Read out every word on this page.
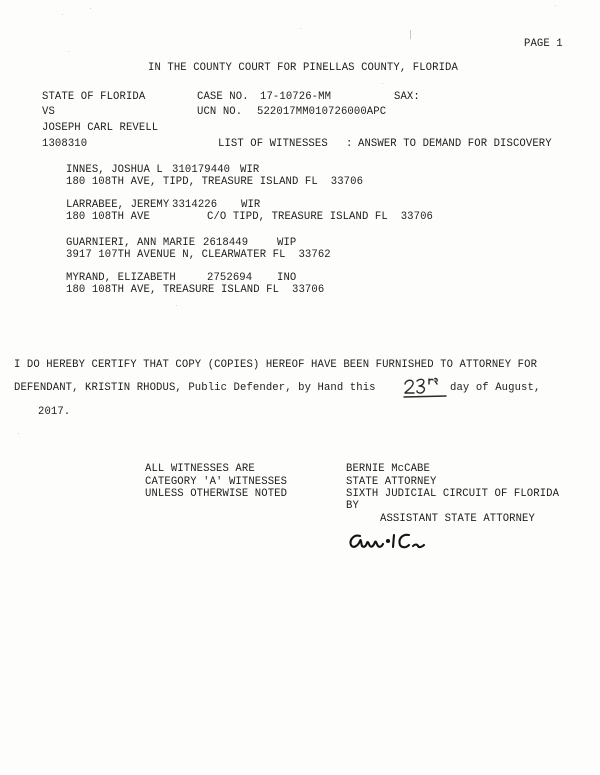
PAGE 1
IN THE COUNTY COURT FOR PINELLAS COUNTY, FLORIDA
STATE OF FLORIDA
VS
JOSEPH CARL REVELL
1308310
CASE NO. 17-10726-MM	SAX:
UCN NO. 522017MM010726000APC
LIST OF WITNESSES : ANSWER TO DEMAND FOR DISCOVERY
INNES, JOSHUA L 310179440 WIR
180 108TH AVE, TIPD, TREASURE ISLAND FL  33706
LARRABEE, JEREMY 3314226 WIR
180 108TH AVE	C/O TIPD, TREASURE ISLAND FL  33706
GUARNIERI, ANN MARIE 2618449	WIP
3917 107TH AVENUE N, CLEARWATER FL  33762
MYRAND, ELIZABETH	2752694 INO
180 108TH AVE, TREASURE ISLAND FL  33706
I DO HEREBY CERTIFY THAT COPY (COPIES) HEREOF HAVE BEEN FURNISHED TO ATTORNEY FOR
DEFENDANT, KRISTIN RHODUS, Public Defender, by Hand this	day of August,
2017.
ALL WITNESSES ARE
CATEGORY 'A' WITNESSES
UNLESS OTHERWISE NOTED
BERNIE McCABE
STATE ATTORNEY
SIXTH JUDICIAL CIRCUIT OF FLORIDA
BY
ASSISTANT STATE ATTORNEY
